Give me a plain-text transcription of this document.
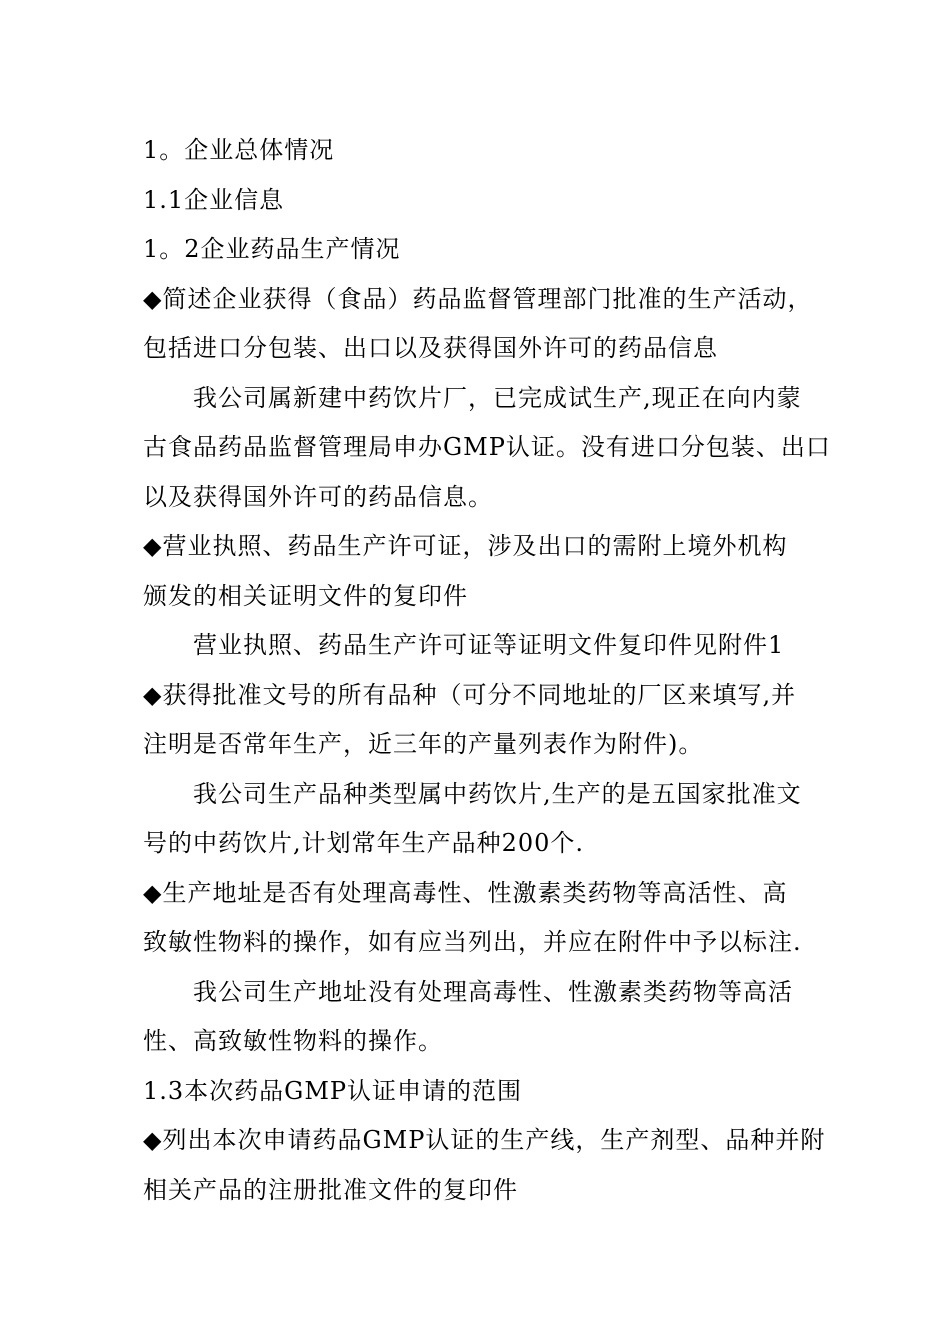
1。企业总体情况
1.1企业信息
1。2企业药品生产情况
◆简述企业获得（食品）药品监督管理部门批准的生产活动，
包括进口分包装、出口以及获得国外许可的药品信息
我公司属新建中药饮片厂，已完成试生产,现正在向内蒙
古食品药品监督管理局申办GMP认证。没有进口分包装、出口
以及获得国外许可的药品信息。
◆营业执照、药品生产许可证，涉及出口的需附上境外机构
颁发的相关证明文件的复印件
营业执照、药品生产许可证等证明文件复印件见附件1
◆获得批准文号的所有品种（可分不同地址的厂区来填写,并
注明是否常年生产，近三年的产量列表作为附件)。
我公司生产品种类型属中药饮片,生产的是五国家批准文
号的中药饮片,计划常年生产品种200个.
◆生产地址是否有处理高毒性、性激素类药物等高活性、高
致敏性物料的操作，如有应当列出，并应在附件中予以标注.
我公司生产地址没有处理高毒性、性激素类药物等高活
性、高致敏性物料的操作。
1.3本次药品GMP认证申请的范围
◆列出本次申请药品GMP认证的生产线，生产剂型、品种并附
相关产品的注册批准文件的复印件
